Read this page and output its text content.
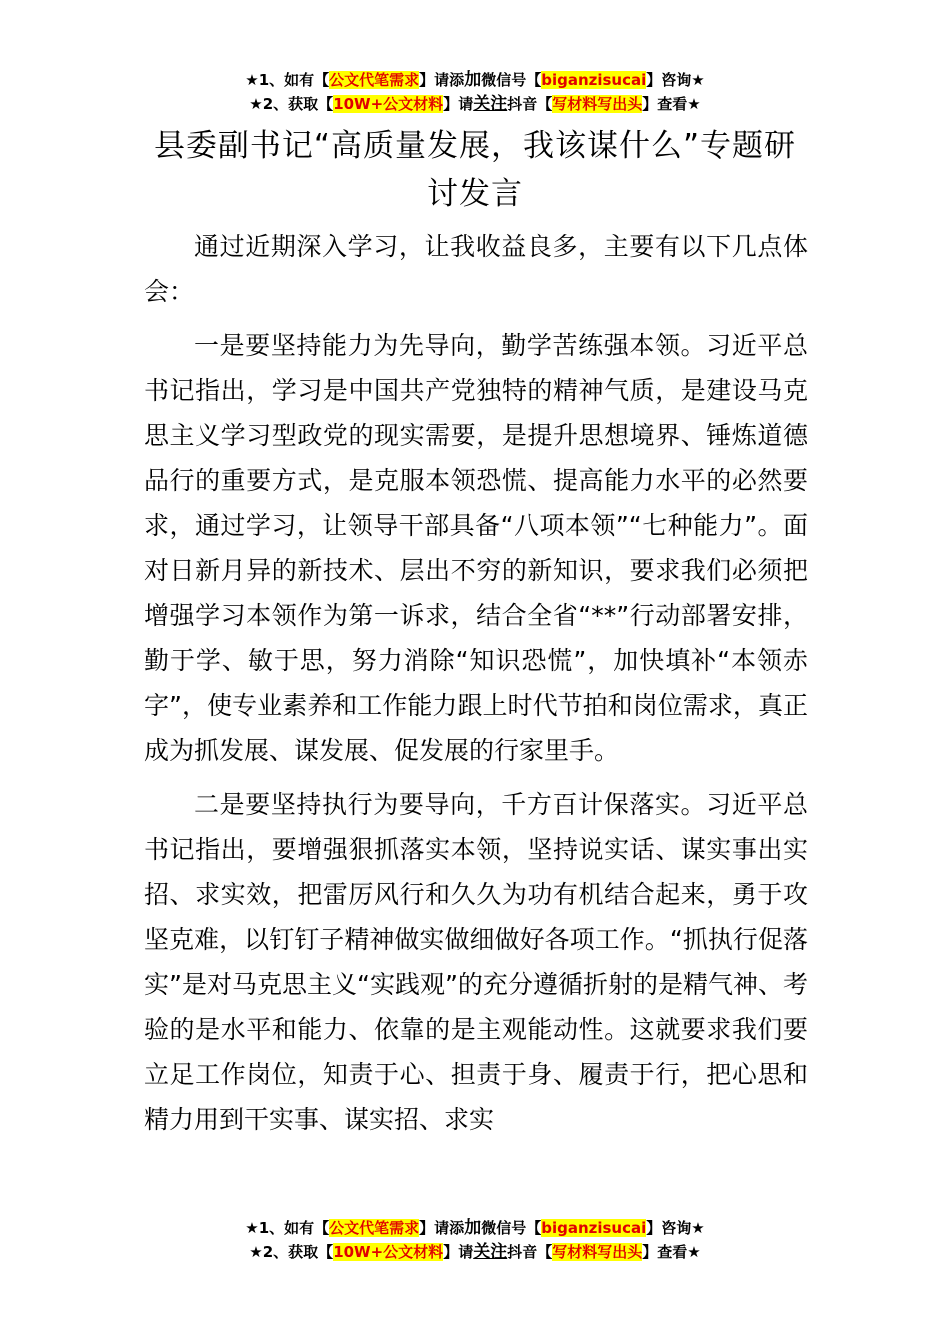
★1、如有【公文代笔需求】请添加微信号【biganzisucai】咨询★
★2、获取【10W+公文材料】请关注抖音【写材料写出头】查看★
县委副书记“高质量发展，我该谋什么”专题研讨发言

通过近期深入学习，让我收益良多，主要有以下几点体会：

一是要坚持能力为先导向，勤学苦练强本领。习近平总书记指出，学习是中国共产党独特的精神气质，是建设马克思主义学习型政党的现实需要，是提升思想境界、锤炼道德品行的重要方式，是克服本领恐慌、提高能力水平的必然要求，通过学习，让领导干部具备“八项本领”“七种能力”。面对日新月异的新技术、层出不穷的新知识，要求我们必须把增强学习本领作为第一诉求，结合全省“**”行动部署安排，勤于学、敏于思，努力消除“知识恐慌”，加快填补“本领赤字”，使专业素养和工作能力跟上时代节拍和岗位需求，真正成为抓发展、谋发展、促发展的行家里手。

二是要坚持执行为要导向，千方百计保落实。习近平总书记指出，要增强狠抓落实本领，坚持说实话、谋实事出实招、求实效，把雷厉风行和久久为功有机结合起来，勇于攻坚克难，以钉钉子精神做实做细做好各项工作。“抓执行促落实”是对马克思主义“实践观”的充分遵循折射的是精气神、考验的是水平和能力、依靠的是主观能动性。这就要求我们要立足工作岗位，知责于心、担责于身、履责于行，把心思和精力用到干实事、谋实招、求实

★1、如有【公文代笔需求】请添加微信号【biganzisucai】咨询★
★2、获取【10W+公文材料】请关注抖音【写材料写出头】查看★
